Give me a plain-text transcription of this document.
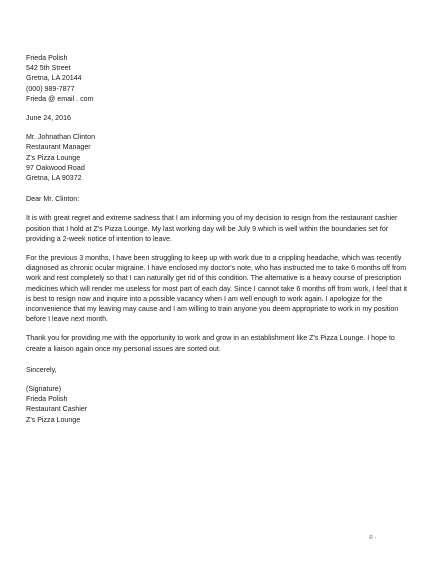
Frieda Polish
542 5th Street
Gretna, LA 20144
(000) 989-7877
Frieda @ email . com
June 24, 2016
Mr. Johnathan Clinton
Restaurant Manager
Z's Pizza Lounge
97 Oakwood Road
Gretna, LA 90372
Dear Mr. Clinton:
It is with great regret and extreme sadness that I am informing you of my decision to resign from the restaurant cashier
position that I hold at Z's Pizza Lounge. My last working day will be July 9 which is well within the boundaries set for
providing a 2-week notice of intention to leave.
For the previous 3 months, I have been struggling to keep up with work due to a crippling headache, which was recently
diagnosed as chronic ocular migraine. I have enclosed my doctor's note, who has instructed me to take 6 months off from
work and rest completely so that I can naturally get rid of this condition. The alternative is a heavy course of prescription
medicines which will render me useless for most part of each day. Since I cannot take 6 months off from work, I feel that it
is best to resign now and inquire into a possible vacancy when I am well enough to work again. I apologize for the
inconvenience that my leaving may cause and I am willing to train anyone you deem appropriate to work in my position
before I leave next month.
Thank you for providing me with the opportunity to work and grow in an establishment like Z's Pizza Lounge. I hope to
create a liaison again once my personal issues are sorted out.
Sincerely,
(Signature)
Frieda Polish
Restaurant Cashier
Z's Pizza Lounge
© -
